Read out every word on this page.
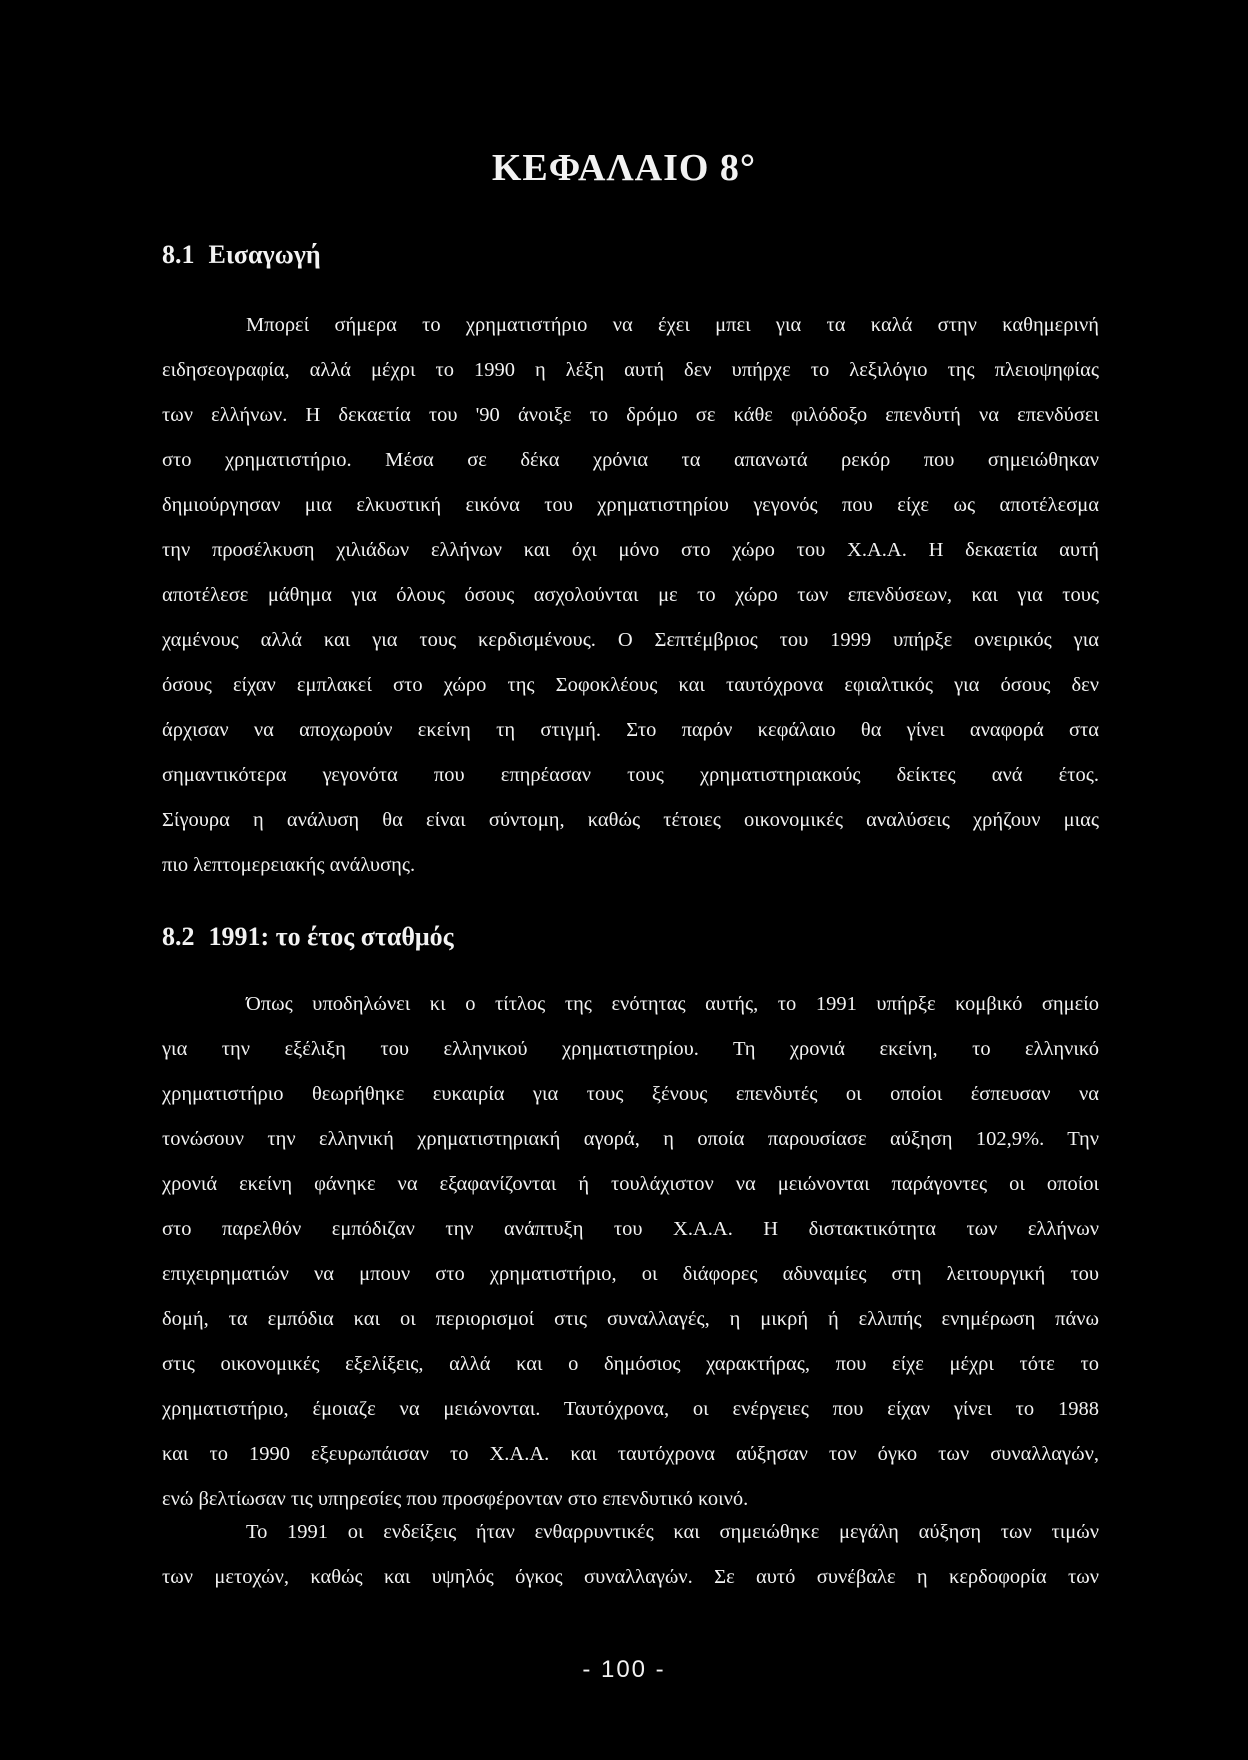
ΚΕΦΑΛΑΙΟ 8°
8.1 Εισαγωγή
Μπορεί σήμερα το χρηματιστήριο να έχει μπει για τα καλά στην καθημερινή
ειδησεογραφία, αλλά μέχρι το 1990 η λέξη αυτή δεν υπήρχε το λεξιλόγιο της πλειοψηφίας
των ελλήνων. Η δεκαετία του '90 άνοιξε το δρόμο σε κάθε φιλόδοξο επενδυτή να επενδύσει
στο χρηματιστήριο. Μέσα σε δέκα χρόνια τα απανωτά ρεκόρ που σημειώθηκαν
δημιούργησαν μια ελκυστική εικόνα του χρηματιστηρίου γεγονός που είχε ως αποτέλεσμα
την προσέλκυση χιλιάδων ελλήνων και όχι μόνο στο χώρο του Χ.Α.Α. Η δεκαετία αυτή
αποτέλεσε μάθημα για όλους όσους ασχολούνται με το χώρο των επενδύσεων, και για τους
χαμένους αλλά και για τους κερδισμένους. Ο Σεπτέμβριος του 1999 υπήρξε ονειρικός για
όσους είχαν εμπλακεί στο χώρο της Σοφοκλέους και ταυτόχρονα εφιαλτικός για όσους δεν
άρχισαν να αποχωρούν εκείνη τη στιγμή. Στο παρόν κεφάλαιο θα γίνει αναφορά στα
σημαντικότερα γεγονότα που επηρέασαν τους χρηματιστηριακούς δείκτες ανά έτος.
Σίγουρα η ανάλυση θα είναι σύντομη, καθώς τέτοιες οικονομικές αναλύσεις χρήζουν μιας
πιο λεπτομερειακής ανάλυσης.
8.2 1991: το έτος σταθμός
Όπως υποδηλώνει κι ο τίτλος της ενότητας αυτής, το 1991 υπήρξε κομβικό σημείο
για την εξέλιξη του ελληνικού χρηματιστηρίου. Τη χρονιά εκείνη, το ελληνικό
χρηματιστήριο θεωρήθηκε ευκαιρία για τους ξένους επενδυτές οι οποίοι έσπευσαν να
τονώσουν την ελληνική χρηματιστηριακή αγορά, η οποία παρουσίασε αύξηση 102,9%. Την
χρονιά εκείνη φάνηκε να εξαφανίζονται ή τουλάχιστον να μειώνονται παράγοντες οι οποίοι
στο παρελθόν εμπόδιζαν την ανάπτυξη του Χ.Α.Α. Η διστακτικότητα των ελλήνων
επιχειρηματιών να μπουν στο χρηματιστήριο, οι διάφορες αδυναμίες στη λειτουργική του
δομή, τα εμπόδια και οι περιορισμοί στις συναλλαγές, η μικρή ή ελλιπής ενημέρωση πάνω
στις οικονομικές εξελίξεις, αλλά και ο δημόσιος χαρακτήρας, που είχε μέχρι τότε το
χρηματιστήριο, έμοιαζε να μειώνονται. Ταυτόχρονα, οι ενέργειες που είχαν γίνει το 1988
και το 1990 εξευρωπάισαν το Χ.Α.Α. και ταυτόχρονα αύξησαν τον όγκο των συναλλαγών,
ενώ βελτίωσαν τις υπηρεσίες που προσφέρονταν στο επενδυτικό κοινό.
Το 1991 οι ενδείξεις ήταν ενθαρρυντικές και σημειώθηκε μεγάλη αύξηση των τιμών
των μετοχών, καθώς και υψηλός όγκος συναλλαγών. Σε αυτό συνέβαλε η κερδοφορία των
- 100 -
